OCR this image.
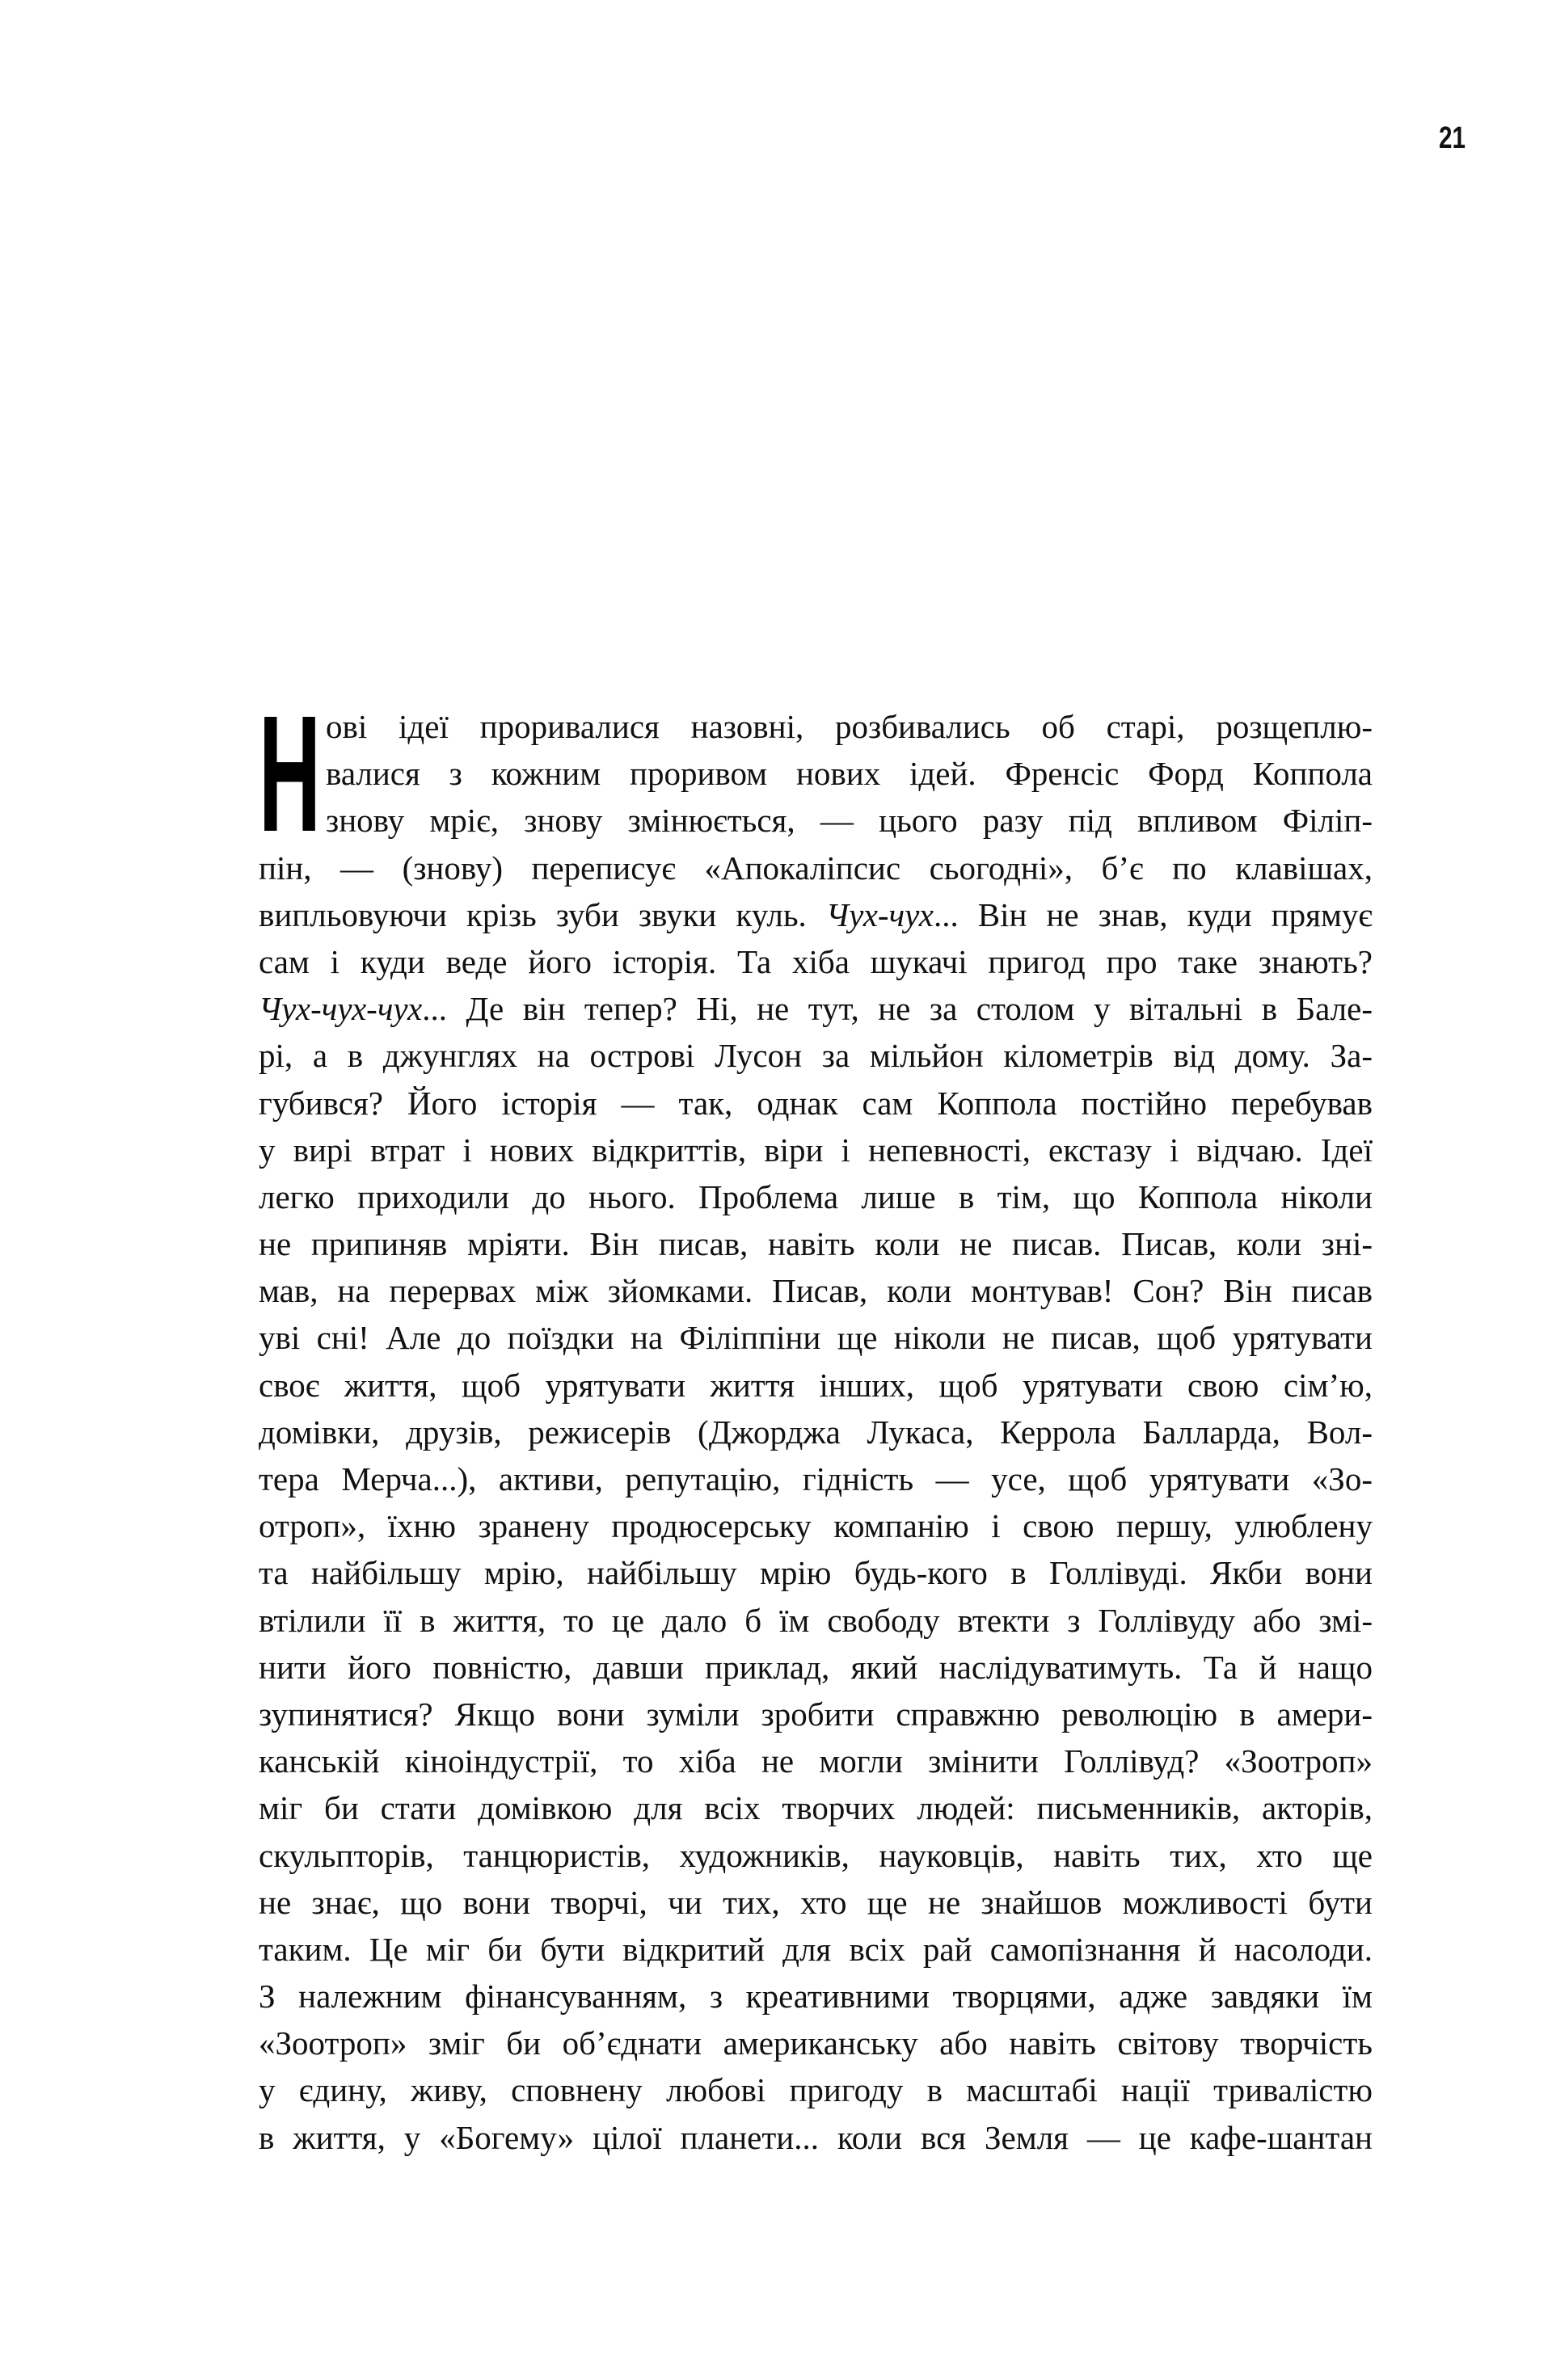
21
Н ові ідеї проривалися назовні, розбивались об старі, розщеплю-
валися з кожним проривом нових ідей. Френсіс Форд Коппола
знову мріє, знову змінюється, — цього разу під впливом Філіп-
пін, — (знову) переписує «Апокаліпсис сьогодні», б’є по клавішах,
випльовуючи крізь зуби звуки куль. Чух-чух... Він не знав, куди прямує
сам і куди веде його історія. Та хіба шукачі пригод про таке знають?
Чух-чух-чух... Де він тепер? Ні, не тут, не за столом у вітальні в Бале-
рі, а в джунглях на острові Лусон за мільйон кілометрів від дому. За-
губився? Його історія — так, однак сам Коппола постійно перебував
у вирі втрат і нових відкриттів, віри і непевності, екстазу і відчаю. Ідеї
легко приходили до нього. Проблема лише в тім, що Коппола ніколи
не припиняв мріяти. Він писав, навіть коли не писав. Писав, коли зні-
мав, на перервах між зйомками. Писав, коли монтував! Сон? Він писав
уві сні! Але до поїздки на Філіппіни ще ніколи не писав, щоб урятувати
своє життя, щоб урятувати життя інших, щоб урятувати свою сім’ю,
домівки, друзів, режисерів (Джорджа Лукаса, Керрола Балларда, Вол-
тера Мерча...), активи, репутацію, гідність — усе, щоб урятувати «Зо-
отроп», їхню зранену продюсерську компанію і свою першу, улюблену
та найбільшу мрію, найбільшу мрію будь-кого в Голлівуді. Якби вони
втілили її в життя, то це дало б їм свободу втекти з Голлівуду або змі-
нити його повністю, давши приклад, який наслідуватимуть. Та й нащо
зупинятися? Якщо вони зуміли зробити справжню революцію в амери-
канській кіноіндустрії, то хіба не могли змінити Голлівуд? «Зоотроп»
міг би стати домівкою для всіх творчих людей: письменників, акторів,
скульпторів, танцюристів, художників, науковців, навіть тих, хто ще
не знає, що вони творчі, чи тих, хто ще не знайшов можливості бути
таким. Це міг би бути відкритий для всіх рай самопізнання й насолоди.
З належним фінансуванням, з креативними творцями, адже завдяки їм
«Зоотроп» зміг би об’єднати американську або навіть світову творчість
у єдину, живу, сповнену любові пригоду в масштабі нації тривалістю
в життя, у «Богему» цілої планети... коли вся Земля — це кафе-шантан
